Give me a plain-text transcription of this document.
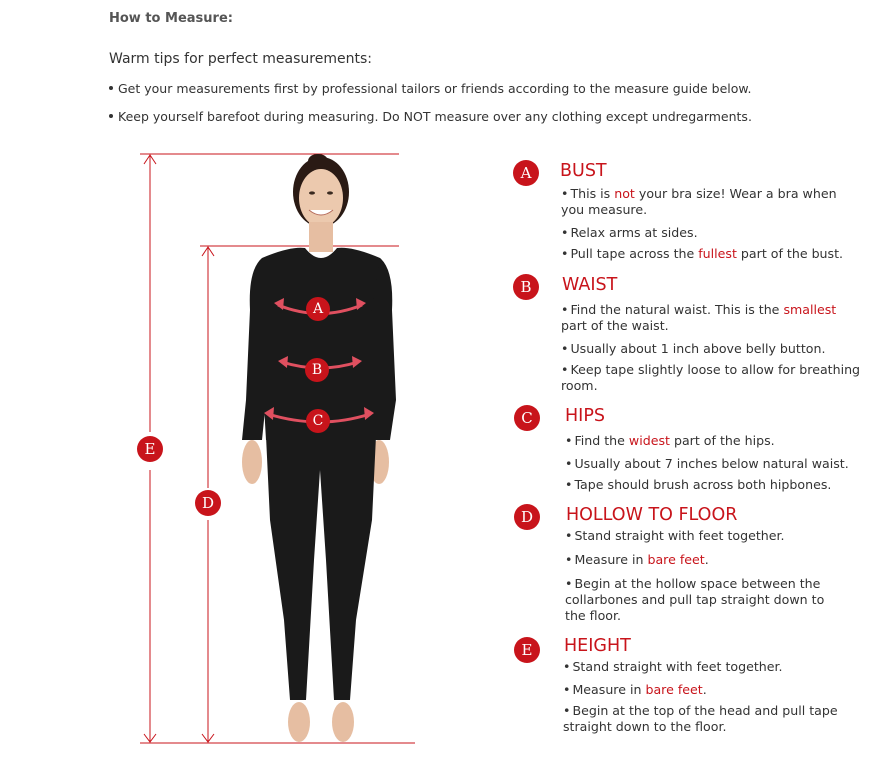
How to Measure:
Warm tips for perfect measurements:
Get your measurements first by professional tailors or friends according to the measure guide below.
Keep yourself barefoot during measuring. Do NOT measure over any clothing except undregarments.
A
B
C
D
E
A	BUST
• This is not your bra size! Wear a bra when you measure.
• Relax arms at sides.
• Pull tape across the fullest part of the bust.
B	WAIST
• Find the natural waist. This is the smallest part of the waist.
• Usually about 1 inch above belly button.
• Keep tape slightly loose to allow for breathing room.
C	HIPS
• Find the widest part of the hips.
• Usually about 7 inches below natural waist.
• Tape should brush across both hipbones.
D	HOLLOW TO FLOOR
• Stand straight with feet together.
• Measure in bare feet.
• Begin at the hollow space between the collarbones and pull tap straight down to the floor.
E	HEIGHT
• Stand straight with feet together.
• Measure in bare feet.
• Begin at the top of the head and pull tape straight down to the floor.
